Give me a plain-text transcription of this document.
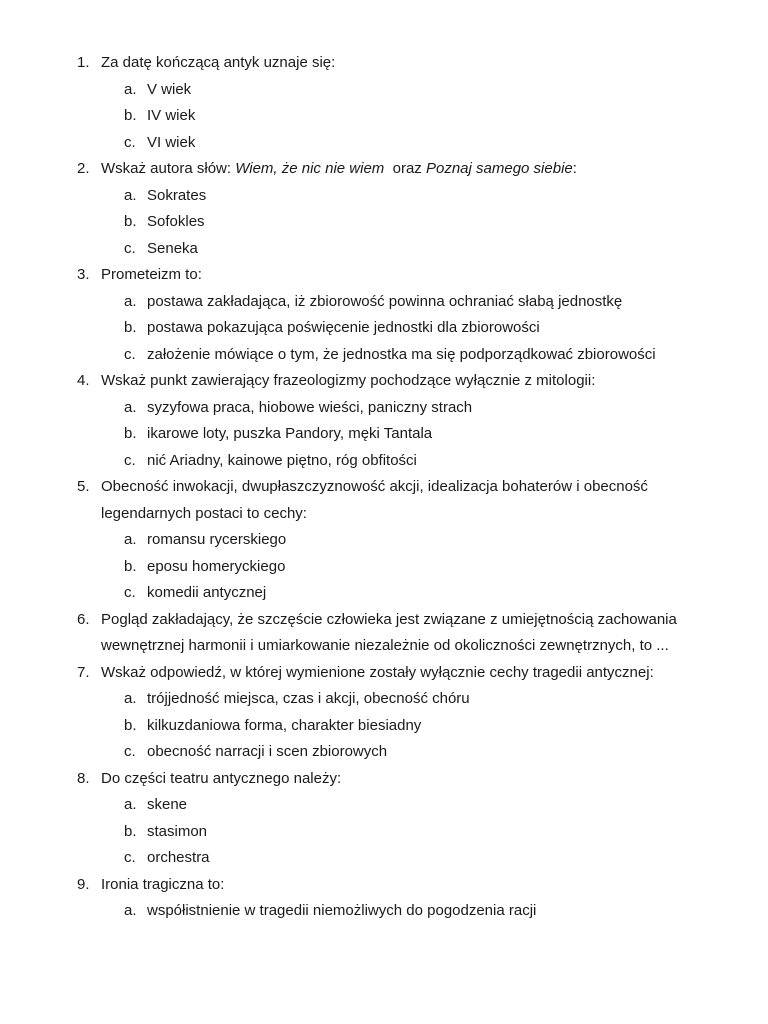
1. Za datę kończącą antyk uznaje się:
a. V wiek
b. IV wiek
c. VI wiek
2. Wskaż autora słów: Wiem, że nic nie wiem  oraz Poznaj samego siebie:
a. Sokrates
b. Sofokles
c. Seneka
3. Prometeizm to:
a. postawa zakładająca, iż zbiorowość powinna ochraniać słabą jednostkę
b. postawa pokazująca poświęcenie jednostki dla zbiorowości
c. założenie mówiące o tym, że jednostka ma się podporządkować zbiorowości
4. Wskaż punkt zawierający frazeologizmy pochodzące wyłącznie z mitologii:
a. syzyfowa praca, hiobowe wieści, paniczny strach
b. ikarowe loty, puszka Pandory, męki Tantala
c. nić Ariadny, kainowe piętno, róg obfitości
5. Obecność inwokacji, dwupłaszczyznowość akcji, idealizacja bohaterów i obecność legendarnych postaci to cechy:
a. romansu rycerskiego
b. eposu homeryckiego
c. komedii antycznej
6. Pogląd zakładający, że szczęście człowieka jest związane z umiejętnością zachowania wewnętrznej harmonii i umiarkowanie niezależnie od okoliczności zewnętrznych, to ...
7. Wskaż odpowiedź, w której wymienione zostały wyłącznie cechy tragedii antycznej:
a. trójjedność miejsca, czas i akcji, obecność chóru
b. kilkuzdaniowa forma, charakter biesiadny
c. obecność narracji i scen zbiorowych
8. Do części teatru antycznego należy:
a. skene
b. stasimon
c. orchestra
9. Ironia tragiczna to:
a. współistnienie w tragedii niemożliwych do pogodzenia racji
